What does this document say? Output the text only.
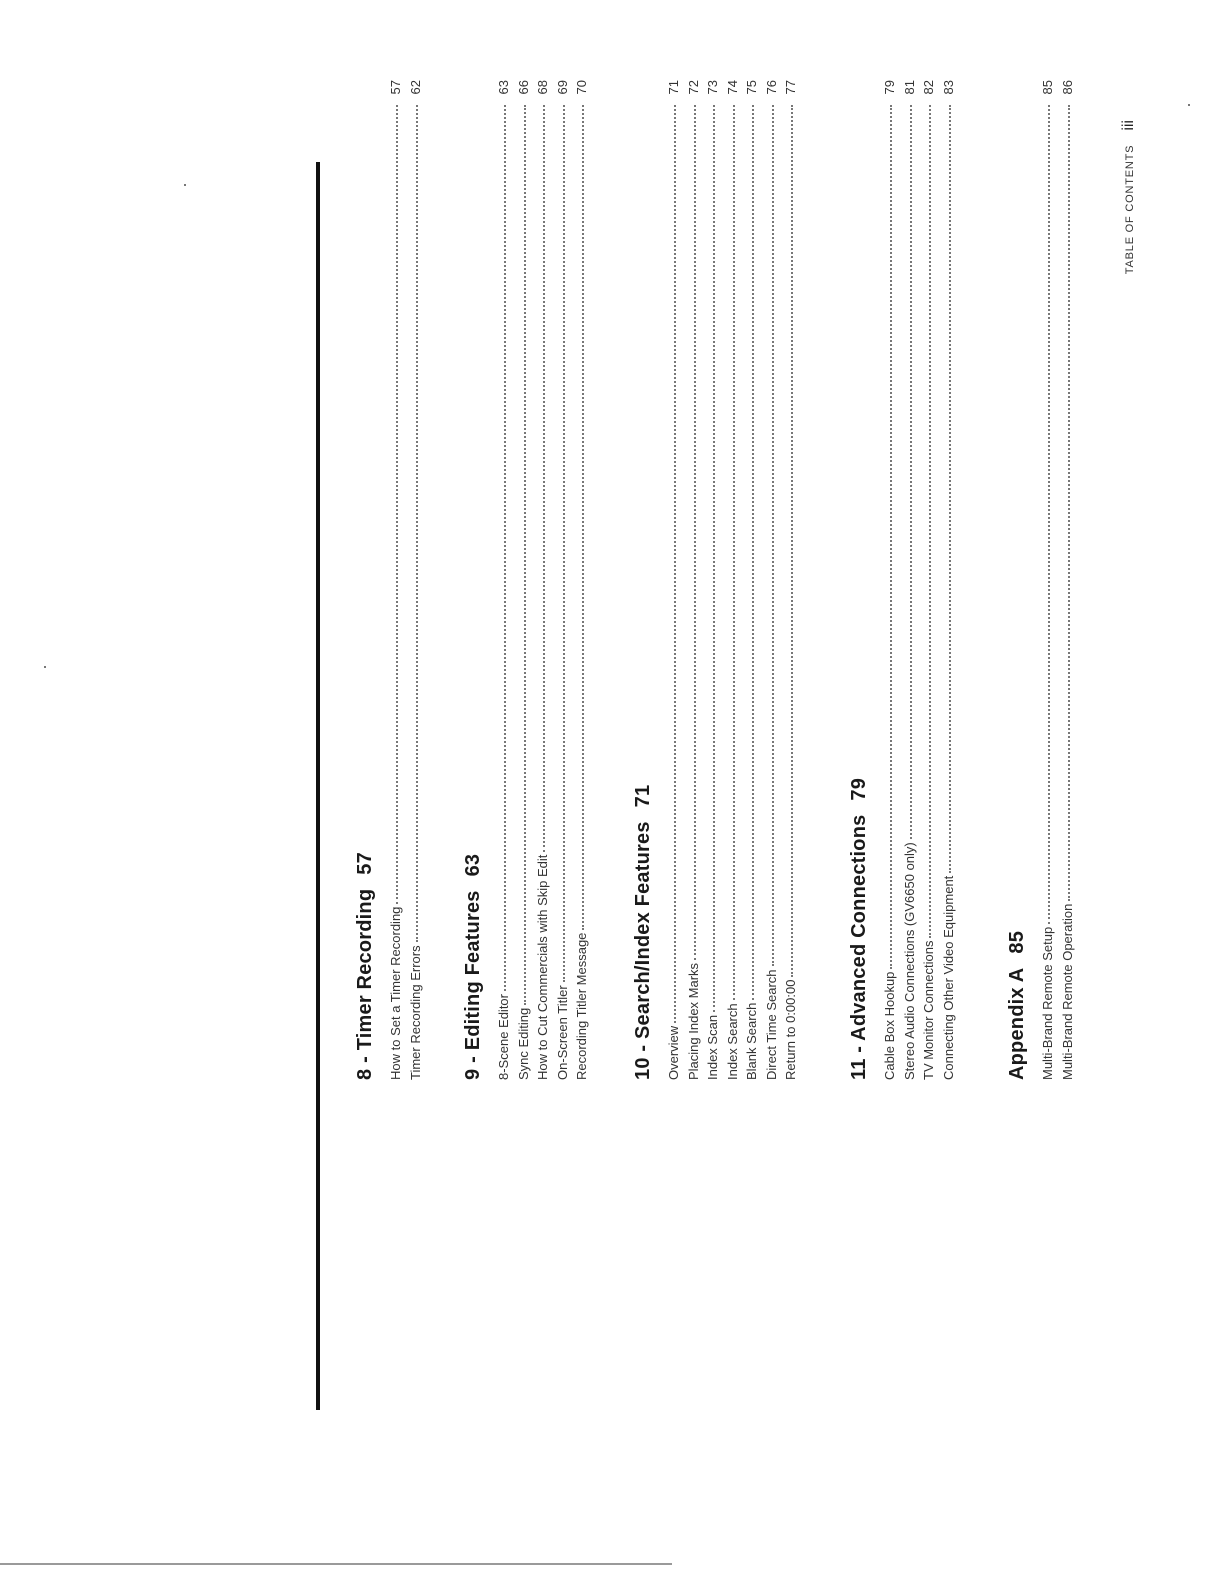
8 - Timer Recording57
How to Set a Timer Recording
57
Timer Recording Errors
62
9 - Editing Features63
8-Scene Editor
63
Sync Editing
66
How to Cut Commercials with Skip Edit
68
On-Screen Titler
69
Recording Titler Message
70
10 - Search/Index Features71
Overview
71
Placing Index Marks
72
Index Scan
73
Index Search
74
Blank Search
75
Direct Time Search
76
Return to 0:00:00
77
11 - Advanced Connections79
Cable Box Hookup
79
Stereo Audio Connections (GV6650 only)
81
TV Monitor Connections
82
Connecting Other Video Equipment
83
Appendix A85 Multi-Brand Remote Setup
85
Multi-Brand Remote Operation
86
TABLE OF CONTENTS
iii
